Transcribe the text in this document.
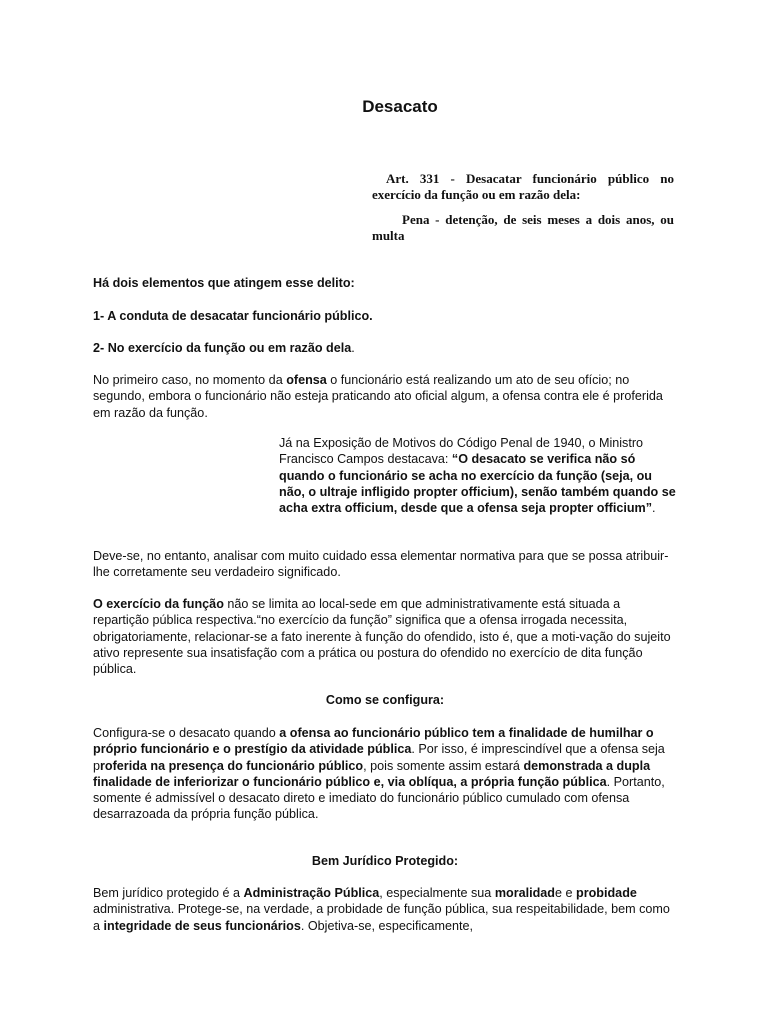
Desacato

Art. 331 - Desacatar funcionário público no exercício da função ou em razão dela:

Pena - detenção, de seis meses a dois anos, ou multa

Há dois elementos que atingem esse delito:

1- A conduta de desacatar funcionário público.

2- No exercício da função ou em razão dela.

No primeiro caso, no momento da ofensa o funcionário está realizando um ato de seu ofício; no segundo, embora o funcionário não esteja praticando ato oficial algum, a ofensa contra ele é proferida em razão da função.

Já na Exposição de Motivos do Código Penal de 1940, o Ministro Francisco Campos destacava: “O desacato se verifica não só quando o funcionário se acha no exercício da função (seja, ou não, o ultraje infligido propter officium), senão também quando se acha extra officium, desde que a ofensa seja propter officium”.

Deve-se, no entanto, analisar com muito cuidado essa elementar normativa para que se possa atribuir-lhe corretamente seu verdadeiro significado.

O exercício da função não se limita ao local-sede em que administrativamente está situada a repartição pública respectiva.“no exercício da função” significa que a ofensa irrogada necessita, obrigatoriamente, relacionar-se a fato inerente à função do ofendido, isto é, que a moti-vação do sujeito ativo represente sua insatisfação com a prática ou postura do ofendido no exercício de dita função pública.

Como se configura:

Configura-se o desacato quando a ofensa ao funcionário público tem a finalidade de humilhar o próprio funcionário e o prestígio da atividade pública. Por isso, é imprescindível que a ofensa seja proferida na presença do funcionário público, pois somente assim estará demonstrada a dupla finalidade de inferiorizar o funcionário público e, via oblíqua, a própria função pública. Portanto, somente é admissível o desacato direto e imediato do funcionário público cumulado com ofensa desarrazoada da própria função pública.

Bem Jurídico Protegido:

Bem jurídico protegido é a Administração Pública, especialmente sua moralidade e probidade administrativa. Protege-se, na verdade, a probidade de função pública, sua respeitabilidade, bem como a integridade de seus funcionários. Objetiva-se, especificamente,
